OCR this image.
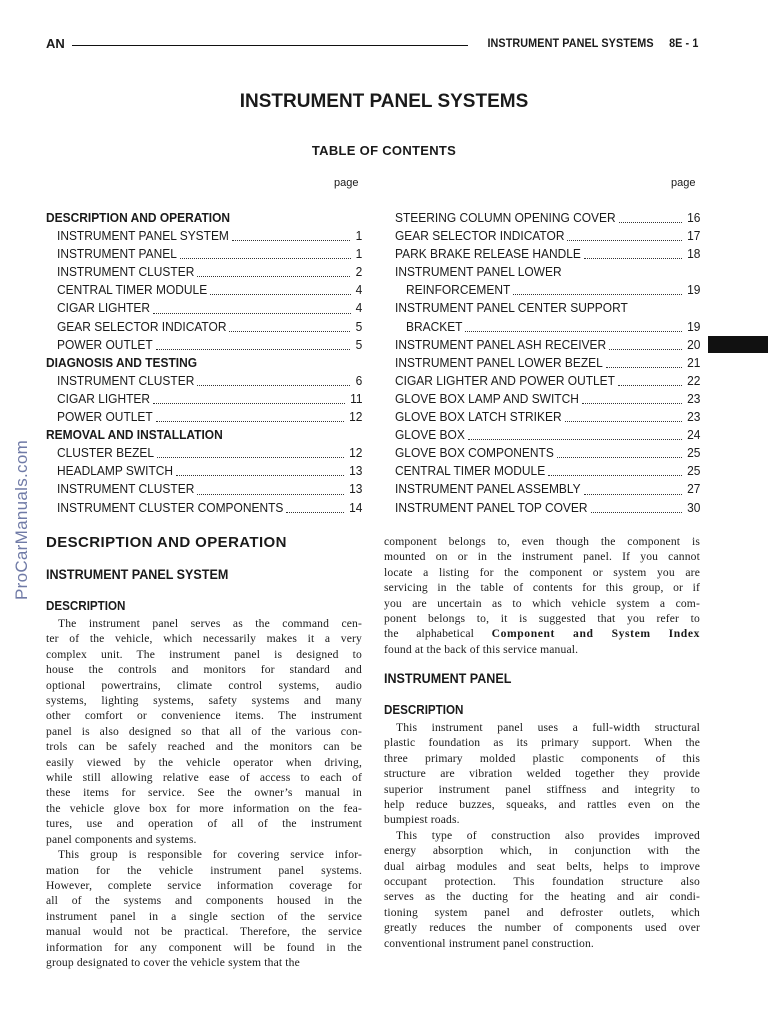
AN	INSTRUMENT PANEL SYSTEMS     8E - 1
INSTRUMENT PANEL SYSTEMS
TABLE OF CONTENTS
page	page
DESCRIPTION AND OPERATION
INSTRUMENT PANEL SYSTEM	1
INSTRUMENT PANEL	1
INSTRUMENT CLUSTER	2
CENTRAL TIMER MODULE	4
CIGAR LIGHTER	4
GEAR SELECTOR INDICATOR	5
POWER OUTLET	5
DIAGNOSIS AND TESTING
INSTRUMENT CLUSTER	6
CIGAR LIGHTER	11
POWER OUTLET	12
REMOVAL AND INSTALLATION
CLUSTER BEZEL	12
HEADLAMP SWITCH	13
INSTRUMENT CLUSTER	13
INSTRUMENT CLUSTER COMPONENTS	14
STEERING COLUMN OPENING COVER	16
GEAR SELECTOR INDICATOR	17
PARK BRAKE RELEASE HANDLE	18
INSTRUMENT PANEL LOWER
REINFORCEMENT	19
INSTRUMENT PANEL CENTER SUPPORT
BRACKET	19
INSTRUMENT PANEL ASH RECEIVER	20
INSTRUMENT PANEL LOWER BEZEL	21
CIGAR LIGHTER AND POWER OUTLET	22
GLOVE BOX LAMP AND SWITCH	23
GLOVE BOX LATCH STRIKER	23
GLOVE BOX	24
GLOVE BOX COMPONENTS	25
CENTRAL TIMER MODULE	25
INSTRUMENT PANEL ASSEMBLY	27
INSTRUMENT PANEL TOP COVER	30
ProCarManuals.com DESCRIPTION AND OPERATION
INSTRUMENT PANEL SYSTEM
DESCRIPTION
The instrument panel serves as the command cen-
ter of the vehicle, which necessarily makes it a very
complex unit. The instrument panel is designed to
house the controls and monitors for standard and
optional powertrains, climate control systems, audio
systems, lighting systems, safety systems and many
other comfort or convenience items. The instrument
panel is also designed so that all of the various con-
trols can be safely reached and the monitors can be
easily viewed by the vehicle operator when driving,
while still allowing relative ease of access to each of
these items for service. See the owner’s manual in
the vehicle glove box for more information on the fea-
tures, use and operation of all of the instrument
panel components and systems.
This group is responsible for covering service infor-
mation for the vehicle instrument panel systems.
However, complete service information coverage for
all of the systems and components housed in the
instrument panel in a single section of the service
manual would not be practical. Therefore, the service
information for any component will be found in the
group designated to cover the vehicle system that the
component belongs to, even though the component is
mounted on or in the instrument panel. If you cannot
locate a listing for the component or system you are
servicing in the table of contents for this group, or if
you are uncertain as to which vehicle system a com-
ponent belongs to, it is suggested that you refer to
the alphabetical Component and System Index
found at the back of this service manual.
INSTRUMENT PANEL
DESCRIPTION
This instrument panel uses a full-width structural
plastic foundation as its primary support. When the
three primary molded plastic components of this
structure are vibration welded together they provide
superior instrument panel stiffness and integrity to
help reduce buzzes, squeaks, and rattles even on the
bumpiest roads.
This type of construction also provides improved
energy absorption which, in conjunction with the
dual airbag modules and seat belts, helps to improve
occupant protection. This foundation structure also
serves as the ducting for the heating and air condi-
tioning system panel and defroster outlets, which
greatly reduces the number of components used over
conventional instrument panel construction.
